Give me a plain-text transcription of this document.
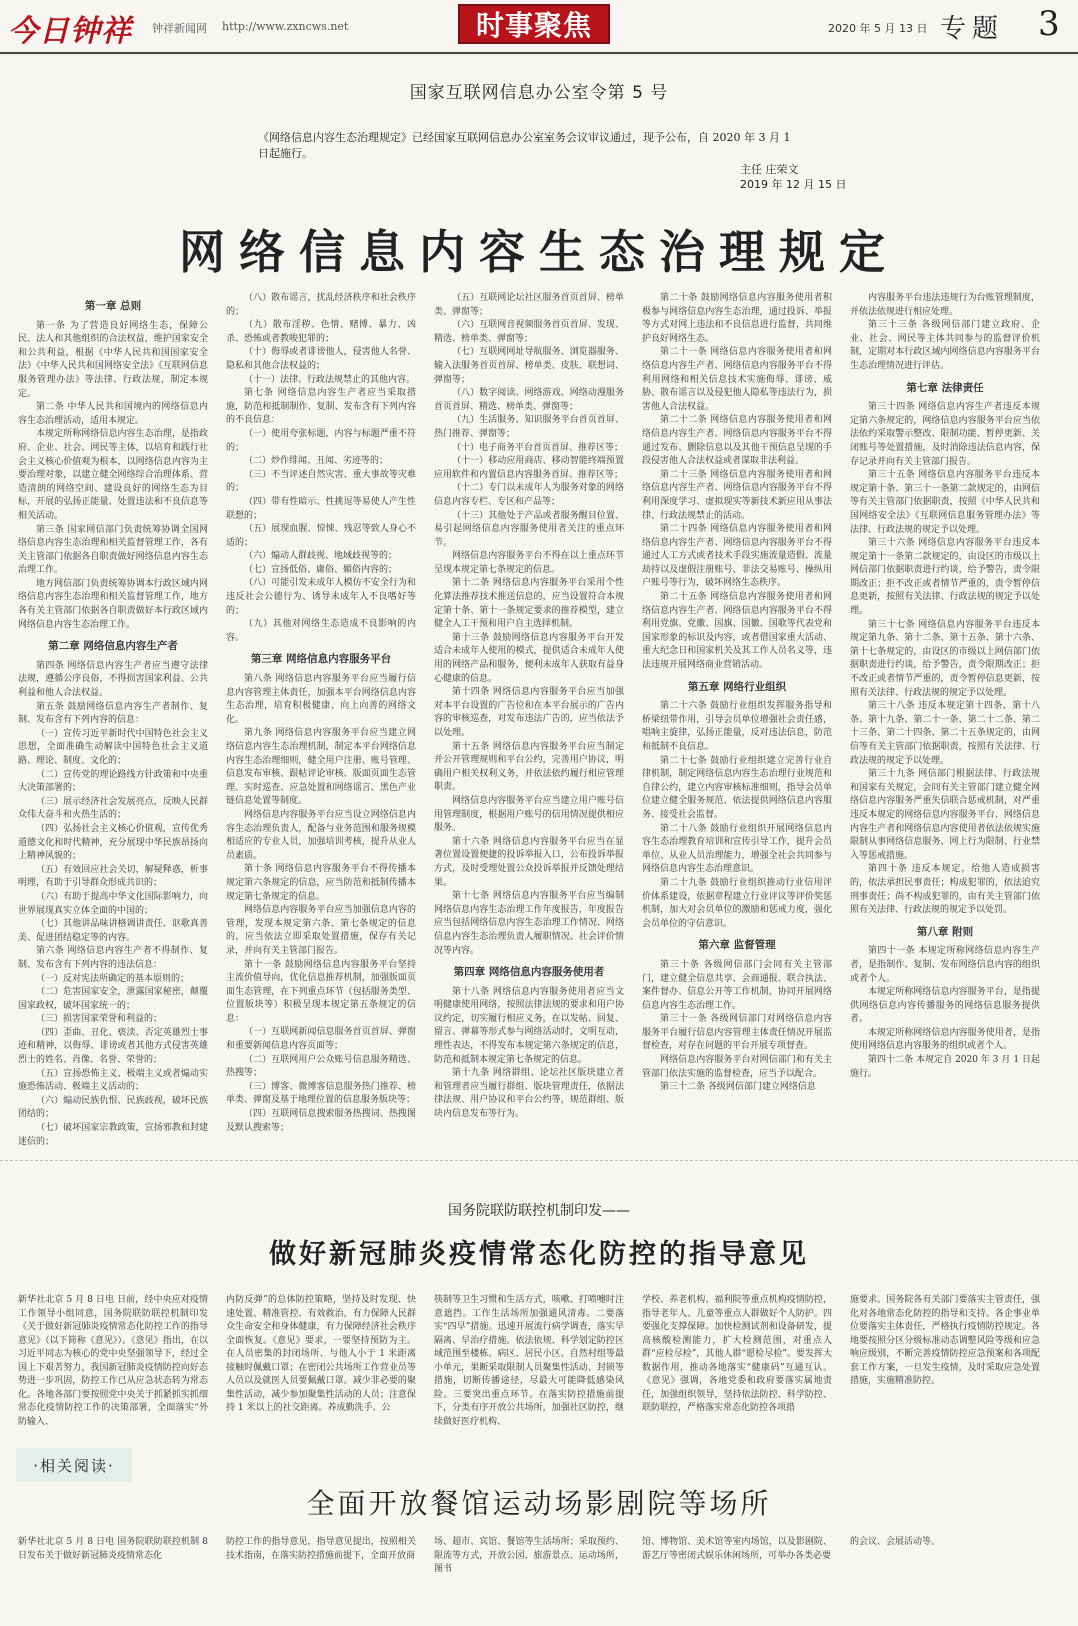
今日钟祥 钟祥新闻网 http://www.zxncws.net	时事聚焦	2020 年 5 月 13 日 专题 3
国家互联网信息办公室令第 5 号
《网络信息内容生态治理规定》已经国家互联网信息办公室室务会议审议通过，现予公布，自 2020 年 3 月 1 日起施行。
主任 庄荣文
2019 年 12 月 15 日
网络信息内容生态治理规定
第一章 总则

第一条 为了营造良好网络生态，保障公民、法人和其他组织的合法权益，维护国家安全和公共利益，根据《中华人民共和国国家安全法》《中华人民共和国网络安全法》《互联网信息服务管理办法》等法律、行政法规，制定本规定。

第二条 中华人民共和国境内的网络信息内容生态治理活动，适用本规定。

本规定所称网络信息内容生态治理，是指政府、企业、社会、网民等主体，以培育和践行社会主义核心价值观为根本，以网络信息内容为主要治理对象，以建立健全网络综合治理体系、营造清朗的网络空间、建设良好的网络生态为目标，开展的弘扬正能量、处置违法和不良信息等相关活动。

第三条 国家网信部门负责统筹协调全国网络信息内容生态治理和相关监督管理工作，各有关主管部门依据各自职责做好网络信息内容生态治理工作。

地方网信部门负责统筹协调本行政区域内网络信息内容生态治理和相关监督管理工作，地方各有关主管部门依据各自职责做好本行政区域内网络信息内容生态治理工作。

第二章 网络信息内容生产者

第四条 网络信息内容生产者应当遵守法律法规，遵循公序良俗，不得损害国家利益、公共利益和他人合法权益。

第五条 鼓励网络信息内容生产者制作、复制、发布含有下列内容的信息：

（一）宣传习近平新时代中国特色社会主义思想，全面准确生动解读中国特色社会主义道路、理论、制度、文化的；

（二）宣传党的理论路线方针政策和中央重大决策部署的；

（三）展示经济社会发展亮点，反映人民群众伟大奋斗和火热生活的；

（四）弘扬社会主义核心价值观，宣传优秀道德文化和时代精神，充分展现中华民族昂扬向上精神风貌的；

（五）有效回应社会关切，解疑释惑，析事明理，有助于引导群众形成共识的；

（六）有助于提高中华文化国际影响力，向世界展现真实立体全面的中国的；

（七）其他讲品味讲格调讲责任、讴歌真善美、促进团结稳定等的内容。

第六条 网络信息内容生产者不得制作、复制、发布含有下列内容的违法信息：

（一）反对宪法所确定的基本原则的；

（二）危害国家安全，泄露国家秘密，颠覆国家政权，破坏国家统一的；

（三）损害国家荣誉和利益的；

（四）歪曲、丑化、亵渎、否定英雄烈士事迹和精神，以侮辱、诽谤或者其他方式侵害英雄烈士的姓名、肖像、名誉、荣誉的；

（五）宣扬恐怖主义、极端主义或者煽动实施恐怖活动、极端主义活动的；

（六）煽动民族仇恨、民族歧视，破坏民族团结的；

（七）破坏国家宗教政策，宣扬邪教和封建迷信的；

（八）散布谣言，扰乱经济秩序和社会秩序的；

（九）散布淫秽、色情、赌博、暴力、凶杀、恐怖或者教唆犯罪的；

（十）侮辱或者诽谤他人，侵害他人名誉、隐私和其他合法权益的；

（十一）法律、行政法规禁止的其他内容。

第七条 网络信息内容生产者应当采取措施，防范和抵制制作、复制、发布含有下列内容的不良信息：

（一）使用夸张标题，内容与标题严重不符的；

（二）炒作绯闻、丑闻、劣迹等的；

（三）不当评述自然灾害、重大事故等灾难的；

（四）带有性暗示、性挑逗等易使人产生性联想的；

（五）展现血腥、惊悚、残忍等致人身心不适的；

（六）煽动人群歧视、地域歧视等的；

（七）宣扬低俗、庸俗、媚俗内容的；

（八）可能引发未成年人模仿不安全行为和违反社会公德行为、诱导未成年人不良嗜好等的；

（九）其他对网络生态造成不良影响的内容。

第三章 网络信息内容服务平台

第八条 网络信息内容服务平台应当履行信息内容管理主体责任，加强本平台网络信息内容生态治理，培育积极健康、向上向善的网络文化。

第九条 网络信息内容服务平台应当建立网络信息内容生态治理机制，制定本平台网络信息内容生态治理细则，健全用户注册、账号管理、信息发布审核、跟帖评论审核、版面页面生态管理、实时巡查、应急处置和网络谣言、黑色产业链信息处置等制度。

网络信息内容服务平台应当设立网络信息内容生态治理负责人，配备与业务范围和服务规模相适应的专业人员，加强培训考核，提升从业人员素质。

第十条 网络信息内容服务平台不得传播本规定第六条规定的信息，应当防范和抵制传播本规定第七条规定的信息。

网络信息内容服务平台应当加强信息内容的管理，发现本规定第六条、第七条规定的信息的，应当依法立即采取处置措施，保存有关记录，并向有关主管部门报告。

第十一条 鼓励网络信息内容服务平台坚持主流价值导向，优化信息推荐机制，加强版面页面生态管理，在下列重点环节（包括服务类型、位置版块等）积极呈现本规定第五条规定的信息：

（一）互联网新闻信息服务首页首屏、弹窗和重要新闻信息内容页面等；

（二）互联网用户公众账号信息服务精选、热搜等；

（三）博客、微博客信息服务热门推荐、榜单类、弹窗及基于地理位置的信息服务版块等；

（四）互联网信息搜索服务热搜词、热搜图及默认搜索等；

（五）互联网论坛社区服务首页首屏、榜单类、弹窗等；

（六）互联网音视频服务首页首屏、发现、精选、榜单类、弹窗等；

（七）互联网网址导航服务、浏览器服务、输入法服务首页首屏、榜单类、皮肤、联想词、弹窗等；

（八）数字阅读、网络游戏、网络动漫服务首页首屏、精选、榜单类、弹窗等；

（九）生活服务、知识服务平台首页首屏、热门推荐、弹窗等；

（十）电子商务平台首页首屏、推荐区等；

（十一）移动应用商店、移动智能终端预置应用软件和内置信息内容服务首屏、推荐区等；

（十二）专门以未成年人为服务对象的网络信息内容专栏、专区和产品等；

（十三）其他处于产品或者服务醒目位置、易引起网络信息内容服务使用者关注的重点环节。

网络信息内容服务平台不得在以上重点环节呈现本规定第七条规定的信息。

第十二条 网络信息内容服务平台采用个性化算法推荐技术推送信息的，应当设置符合本规定第十条、第十一条规定要求的推荐模型，建立健全人工干预和用户自主选择机制。

第十三条 鼓励网络信息内容服务平台开发适合未成年人使用的模式，提供适合未成年人使用的网络产品和服务，便利未成年人获取有益身心健康的信息。

第十四条 网络信息内容服务平台应当加强对本平台设置的广告位和在本平台展示的广告内容的审核巡查，对发布违法广告的，应当依法予以处理。

第十五条 网络信息内容服务平台应当制定并公开管理规则和平台公约，完善用户协议，明确用户相关权利义务，并依法依约履行相应管理职责。

网络信息内容服务平台应当建立用户账号信用管理制度，根据用户账号的信用情况提供相应服务。

第十六条 网络信息内容服务平台应当在显著位置设置便捷的投诉举报入口，公布投诉举报方式，及时受理处置公众投诉举报并反馈处理结果。

第十七条 网络信息内容服务平台应当编制网络信息内容生态治理工作年度报告，年度报告应当包括网络信息内容生态治理工作情况、网络信息内容生态治理负责人履职情况、社会评价情况等内容。

第四章 网络信息内容服务使用者

第十八条 网络信息内容服务使用者应当文明健康使用网络，按照法律法规的要求和用户协议约定，切实履行相应义务，在以发帖、回复、留言、弹幕等形式参与网络活动时，文明互动，理性表达，不得发布本规定第六条规定的信息，防范和抵制本规定第七条规定的信息。

第十九条 网络群组、论坛社区版块建立者和管理者应当履行群组、版块管理责任，依据法律法规、用户协议和平台公约等，规范群组、版块内信息发布等行为。

第二十条 鼓励网络信息内容服务使用者积极参与网络信息内容生态治理，通过投诉、举报等方式对网上违法和不良信息进行监督，共同维护良好网络生态。

第二十一条 网络信息内容服务使用者和网络信息内容生产者、网络信息内容服务平台不得利用网络和相关信息技术实施侮辱、诽谤、威胁、散布谣言以及侵犯他人隐私等违法行为，损害他人合法权益。

第二十二条 网络信息内容服务使用者和网络信息内容生产者、网络信息内容服务平台不得通过发布、删除信息以及其他干预信息呈现的手段侵害他人合法权益或者谋取非法利益。

第二十三条 网络信息内容服务使用者和网络信息内容生产者、网络信息内容服务平台不得利用深度学习、虚拟现实等新技术新应用从事法律、行政法规禁止的活动。

第二十四条 网络信息内容服务使用者和网络信息内容生产者、网络信息内容服务平台不得通过人工方式或者技术手段实施流量造假、流量劫持以及虚假注册账号、非法交易账号、操纵用户账号等行为，破坏网络生态秩序。

第二十五条 网络信息内容服务使用者和网络信息内容生产者、网络信息内容服务平台不得利用党旗、党徽、国旗、国徽、国歌等代表党和国家形象的标识及内容，或者借国家重大活动、重大纪念日和国家机关及其工作人员名义等，违法违规开展网络商业营销活动。

第五章 网络行业组织

第二十六条 鼓励行业组织发挥服务指导和桥梁纽带作用，引导会员单位增强社会责任感，唱响主旋律，弘扬正能量，反对违法信息，防范和抵制不良信息。

第二十七条 鼓励行业组织建立完善行业自律机制，制定网络信息内容生态治理行业规范和自律公约，建立内容审核标准细则，指导会员单位建立健全服务规范、依法提供网络信息内容服务、接受社会监督。

第二十八条 鼓励行业组织开展网络信息内容生态治理教育培训和宣传引导工作，提升会员单位、从业人员治理能力，增强全社会共同参与网络信息内容生态治理意识。

第二十九条 鼓励行业组织推动行业信用评价体系建设，依据章程建立行业评议等评价奖惩机制，加大对会员单位的激励和惩戒力度，强化会员单位的守信意识。

第六章 监督管理

第三十条 各级网信部门会同有关主管部门，建立健全信息共享、会商通报、联合执法、案件督办、信息公开等工作机制，协同开展网络信息内容生态治理工作。

第三十一条 各级网信部门对网络信息内容服务平台履行信息内容管理主体责任情况开展监督检查，对存在问题的平台开展专项督查。

网络信息内容服务平台对网信部门和有关主管部门依法实施的监督检查，应当予以配合。

第三十二条 各级网信部门建立网络信息

内容服务平台违法违规行为台账管理制度，并依法依规进行相应处理。

第三十三条 各级网信部门建立政府、企业、社会、网民等主体共同参与的监督评价机制，定期对本行政区域内网络信息内容服务平台生态治理情况进行评估。

第七章 法律责任

第三十四条 网络信息内容生产者违反本规定第六条规定的，网络信息内容服务平台应当依法依约采取警示整改、限制功能、暂停更新、关闭账号等处置措施，及时消除违法信息内容，保存记录并向有关主管部门报告。

第三十五条 网络信息内容服务平台违反本规定第十条、第三十一条第二款规定的，由网信等有关主管部门依据职责，按照《中华人民共和国网络安全法》《互联网信息服务管理办法》等法律、行政法规的规定予以处理。

第三十六条 网络信息内容服务平台违反本规定第十一条第二款规定的，由设区的市级以上网信部门依据职责进行约谈，给予警告，责令限期改正；拒不改正或者情节严重的，责令暂停信息更新，按照有关法律、行政法规的规定予以处理。

第三十七条 网络信息内容服务平台违反本规定第九条、第十二条、第十五条、第十六条、第十七条规定的，由设区的市级以上网信部门依据职责进行约谈，给予警告，责令限期改正；拒不改正或者情节严重的，责令暂停信息更新，按照有关法律、行政法规的规定予以处理。

第三十八条 违反本规定第十四条、第十八条、第十九条、第二十一条、第二十二条、第二十三条、第二十四条、第二十五条规定的，由网信等有关主管部门依据职责，按照有关法律、行政法规的规定予以处理。

第三十九条 网信部门根据法律、行政法规和国家有关规定，会同有关主管部门建立健全网络信息内容服务严重失信联合惩戒机制，对严重违反本规定的网络信息内容服务平台、网络信息内容生产者和网络信息内容使用者依法依规实施限制从事网络信息服务、网上行为限制、行业禁入等惩戒措施。

第四十条 违反本规定，给他人造成损害的，依法承担民事责任；构成犯罪的，依法追究刑事责任；尚不构成犯罪的，由有关主管部门依照有关法律、行政法规的规定予以处罚。

第八章 附则

第四十一条 本规定所称网络信息内容生产者，是指制作、复制、发布网络信息内容的组织或者个人。

本规定所称网络信息内容服务平台，是指提供网络信息内容传播服务的网络信息服务提供者。

本规定所称网络信息内容服务使用者，是指使用网络信息内容服务的组织或者个人。

第四十二条 本规定自 2020 年 3 月 1 日起施行。

国务院联防联控机制印发——
做好新冠肺炎疫情常态化防控的指导意见
新华社北京 5 月 8 日电 日前，经中央应对疫情工作领导小组同意，国务院联防联控机制印发《关于做好新冠肺炎疫情常态化防控工作的指导意见》（以下简称《意见》）。《意见》指出，在以习近平同志为核心的党中央坚强领导下，经过全国上下艰苦努力，我国新冠肺炎疫情防控向好态势进一步巩固，防控工作已从应急状态转为常态化。各地各部门要按照党中央关于抓紧抓实抓细常态化疫情防控工作的决策部署，全面落实“外防输入、
内防反弹”的总体防控策略，坚持及时发现、快速处置、精准管控、有效救治，有力保障人民群众生命安全和身体健康，有力保障经济社会秩序全面恢复。《意见》要求，一要坚持预防为主。在人员密集的封闭场所、与他人小于 1 米距离接触时佩戴口罩；在密闭公共场所工作营业员等人员以及就医人员要佩戴口罩。减少非必要的聚集性活动，减少参加聚集性活动的人员；注意保持 1 米以上的社交距离。养成勤洗手、公
筷制等卫生习惯和生活方式，咳嗽、打喷嚏时注意遮挡。工作生活场所加强通风清毒。二要落实“四早”措施。迅速开展流行病学调查，落实早隔离、早治疗措施。依法依规、科学划定防控区域范围至楼栋、病区、居民小区、自然村组等最小单元，果断采取限制人员聚集性活动、封锁等措施，切断传播途径，尽最大可能降低感染风险。三要突出重点环节。在落实防控措施前提下，分类有序开放公共场所，加强社区防控，继续做好医疗机构、
学校、养老机构、福利院等重点机构疫情防控，指导老年人、儿童等重点人群做好个人防护。四要强化支撑保障。加快检测试剂和设备研发，提高核酸检测能力，扩大检测范围，对重点人群“应检尽检”，其他人群“愿检尽检”。要发挥大数据作用，推动各地落实“健康码”互通互认。《意见》强调，各地党委和政府要落实属地责任，加强组织领导，坚持依法防控、科学防控、联防联控，严格落实常态化防控各项措
施要求。国务院各有关部门要落实主管责任，强化对各地常态化防控的指导和支持。各企事业单位要落实主体责任，严格执行疫情防控规定。各地要按照分区分级标准动态调整风险等级和应急响应级别，不断完善疫情防控应急预案和各项配套工作方案，一旦发生疫情，及时采取应急处置措施，实施精准防控。
·相关阅读·
全面开放餐馆运动场影剧院等场所
新华社北京 5 月 8 日电 国务院联防联控机制 8 日发布关于做好新冠肺炎疫情常态化
防控工作的指导意见，指导意见提出，按照相关技术指南，在落实防控措施前提下，全面开放商
场、超市、宾馆、餐馆等生活场所；采取预约、限流等方式，开放公园、旅游景点、运动场所，图书
馆、博物馆、美术馆等室内场馆，以及影剧院、游艺厅等密闭式娱乐休闲场所，可举办各类必要
的会议、会展活动等。
